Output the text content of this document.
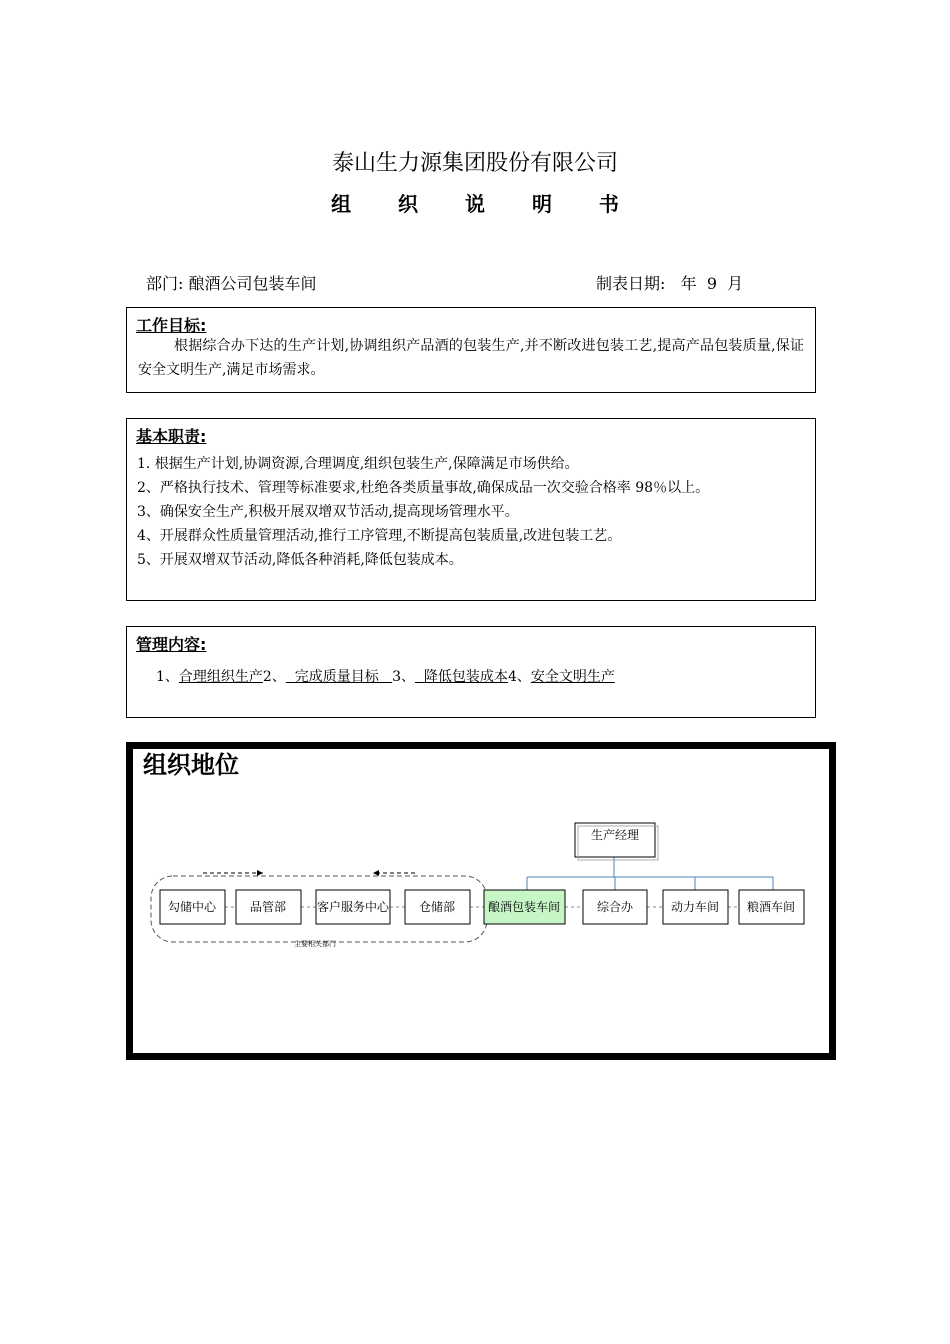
泰山生力源集团股份有限公司
组 织 说 明 书
部门: 酿酒公司包装车间	制表日期:   年  9  月
工作目标:
根据综合办下达的生产计划,协调组织产品酒的包装生产,并不断改进包装工艺,提高产品包装质量,保证安全文明生产,满足市场需求。
基本职责:
1. 根据生产计划,协调资源,合理调度,组织包装生产,保障满足市场供给。
2、严格执行技术、管理等标准要求,杜绝各类质量事故,确保成品一次交验合格率 98％以上。
3、确保安全生产,积极开展双增双节活动,提高现场管理水平。
4、开展群众性质量管理活动,推行工序管理,不断提高包装质量,改进包装工艺。
5、开展双增双节活动,降低各种消耗,降低包装成本。
管理内容:
1、合理组织生产2、  完成质量目标   3、  降低包装成本4、安全文明生产
组织地位
生产经理
勾储中心	品管部	客户服务中心 仓储部	酿酒包装车间	综合办	动力车间 粮酒车间
主要相关部门
